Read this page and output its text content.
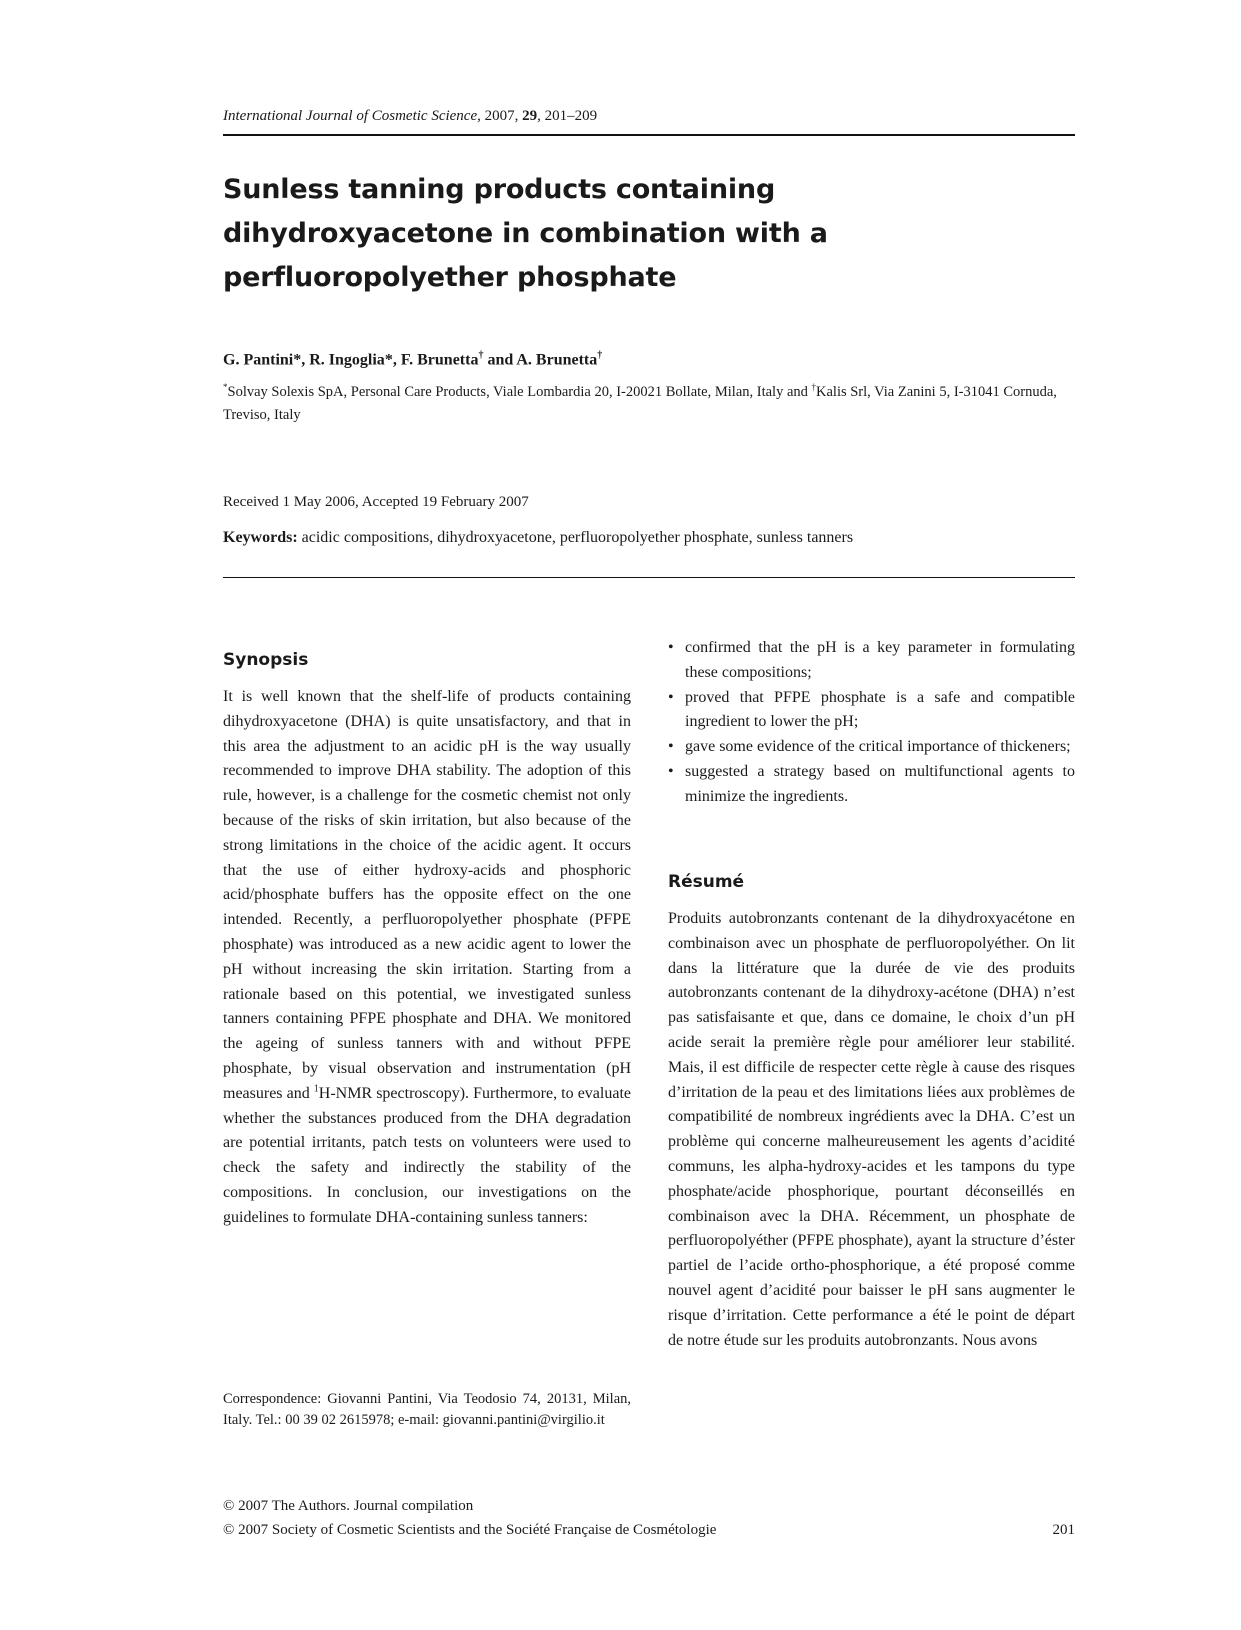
International Journal of Cosmetic Science, 2007, 29, 201–209
Sunless tanning products containing dihydroxyacetone in combination with a perfluoropolyether phosphate
G. Pantini*, R. Ingoglia*, F. Brunetta† and A. Brunetta†
*Solvay Solexis SpA, Personal Care Products, Viale Lombardia 20, I-20021 Bollate, Milan, Italy and †Kalis Srl, Via Zanini 5, I-31041 Cornuda, Treviso, Italy
Received 1 May 2006, Accepted 19 February 2007
Keywords: acidic compositions, dihydroxyacetone, perfluoropolyether phosphate, sunless tanners
Synopsis
It is well known that the shelf-life of products containing dihydroxyacetone (DHA) is quite unsatisfactory, and that in this area the adjustment to an acidic pH is the way usually recommended to improve DHA stability. The adoption of this rule, however, is a challenge for the cosmetic chemist not only because of the risks of skin irritation, but also because of the strong limitations in the choice of the acidic agent. It occurs that the use of either hydroxy-acids and phosphoric acid/phosphate buffers has the opposite effect on the one intended. Recently, a perfluoropolyether phosphate (PFPE phosphate) was introduced as a new acidic agent to lower the pH without increasing the skin irritation. Starting from a rationale based on this potential, we investigated sunless tanners containing PFPE phosphate and DHA. We monitored the ageing of sunless tanners with and without PFPE phosphate, by visual observation and instrumentation (pH measures and $^1$H-NMR spectroscopy). Furthermore, to evaluate whether the substances produced from the DHA degradation are potential irritants, patch tests on volunteers were used to check the safety and indirectly the stability of the compositions. In conclusion, our investigations on the guidelines to formulate DHA-containing sunless tanners:
Correspondence: Giovanni Pantini, Via Teodosio 74, 20131, Milan, Italy. Tel.: 00 39 02 2615978; e-mail: giovanni.pantini@virgilio.it
• confirmed that the pH is a key parameter in formulating these compositions;
• proved that PFPE phosphate is a safe and compatible ingredient to lower the pH;
• gave some evidence of the critical importance of thickeners;
• suggested a strategy based on multifunctional agents to minimize the ingredients.
Résumé
Produits autobronzants contenant de la dihydroxyacétone en combinaison avec un phosphate de perfluoropolyéther. On lit dans la littérature que la durée de vie des produits autobronzants contenant de la dihydroxy-acétone (DHA) n’est pas satisfaisante et que, dans ce domaine, le choix d’un pH acide serait la première règle pour améliorer leur stabilité. Mais, il est difficile de respecter cette règle à cause des risques d’irritation de la peau et des limitations liées aux problèmes de compatibilité de nombreux ingrédients avec la DHA. C’est un problème qui concerne malheureusement les agents d’acidité communs, les alpha-hydroxy-acides et les tampons du type phosphate/acide phosphorique, pourtant déconseillés en combinaison avec la DHA. Récemment, un phosphate de perfluoropolyéther (PFPE phosphate), ayant la structure d’éster partiel de l’acide ortho-phosphorique, a été proposé comme nouvel agent d’acidité pour baisser le pH sans augmenter le risque d’irritation. Cette performance a été le point de départ de notre étude sur les produits autobronzants. Nous avons
© 2007 The Authors. Journal compilation
© 2007 Society of Cosmetic Scientists and the Société Française de Cosmétologie	201
